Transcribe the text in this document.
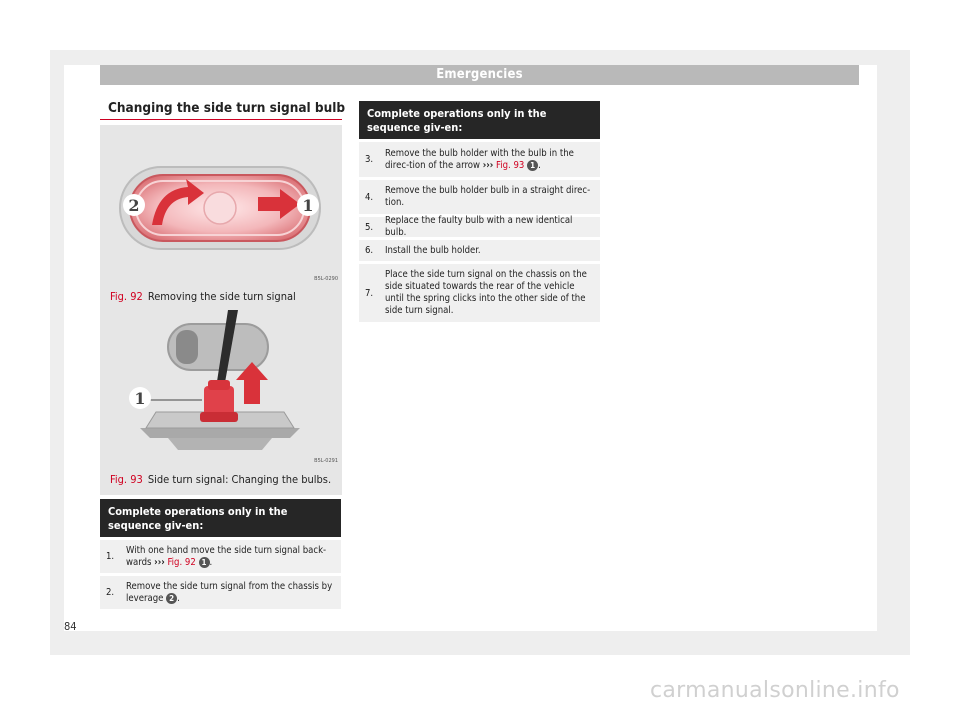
Emergencies
Changing the side turn signal bulb
2	1
B5L-0290
Fig. 92 Removing the side turn signal
1
B5L-0291
Fig. 93 Side turn signal: Changing the bulbs.
Complete operations only in the sequence giv-en:
1.
With one hand move the side turn signal back-wards ››› Fig. 92 1 .
2.
Remove the side turn signal from the chassis by leverage 2 .
Complete operations only in the sequence giv-en:
3.
Remove the bulb holder with the bulb in the direc-tion of the arrow ››› Fig. 93 1 .
4.
Remove the bulb holder bulb in a straight direc-tion.
5.
Replace the faulty bulb with a new identical bulb.
6.	Install the bulb holder.
7.
Place the side turn signal on the chassis on the side situated towards the rear of the vehicle until the spring clicks into the other side of the side turn signal.
84
carmanualsonline.info
